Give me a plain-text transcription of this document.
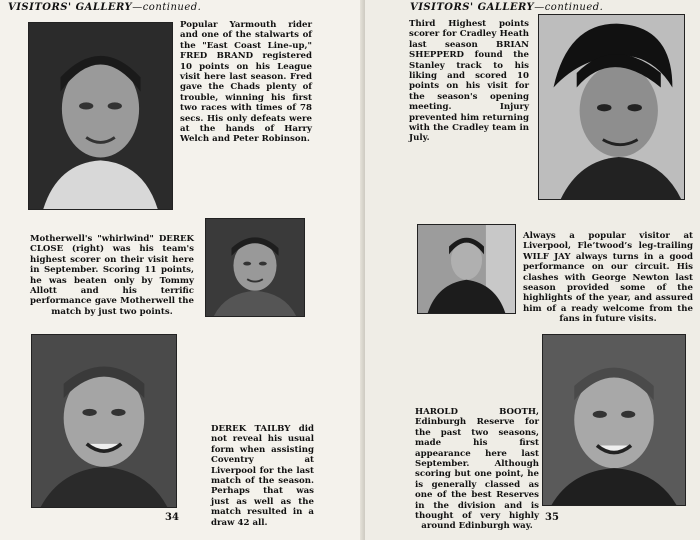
VISITORS' GALLERY—continued.
Popular Yarmouth rider and one of the stalwarts of the "East Coast Line-up," FRED BRAND registered 10 points on his League visit here last season. Fred gave the Chads plenty of trouble, winning his first two races with times of 78 secs. His only defeats were at the hands of Harry Welch and Peter Robinson.
Motherwell's "whirlwind" DEREK CLOSE (right) was his team's highest scorer on their visit here in September. Scoring 11 points, he was beaten only by Tommy Allott and his terrific performance gave Motherwell the match by just two points.
DEREK TAILBY did not reveal his usual form when assisting Coventry at Liverpool for the last match of the season. Perhaps that was just as well as the match resulted in a draw 42 all.
34
VISITORS' GALLERY—continued.
Third Highest points scorer for Cradley Heath last season BRIAN SHEPPERD found the Stanley track to his liking and scored 10 points on his visit for the season's opening meeting. Injury prevented him returning with the Cradley team in July.
Always a popular visitor at Liverpool, Fle’twood’s leg-trailing WILF JAY always turns in a good performance on our circuit. His clashes with George Newton last season provided some of the highlights of the year, and assured him of a ready welcome from the fans in future visits.
HAROLD BOOTH, Edinburgh Reserve for the past two seasons, made his first appearance here last September. Although scoring but one point, he is generally classed as one of the best Reserves in the division and is thought of very highly around Edinburgh way.
35
